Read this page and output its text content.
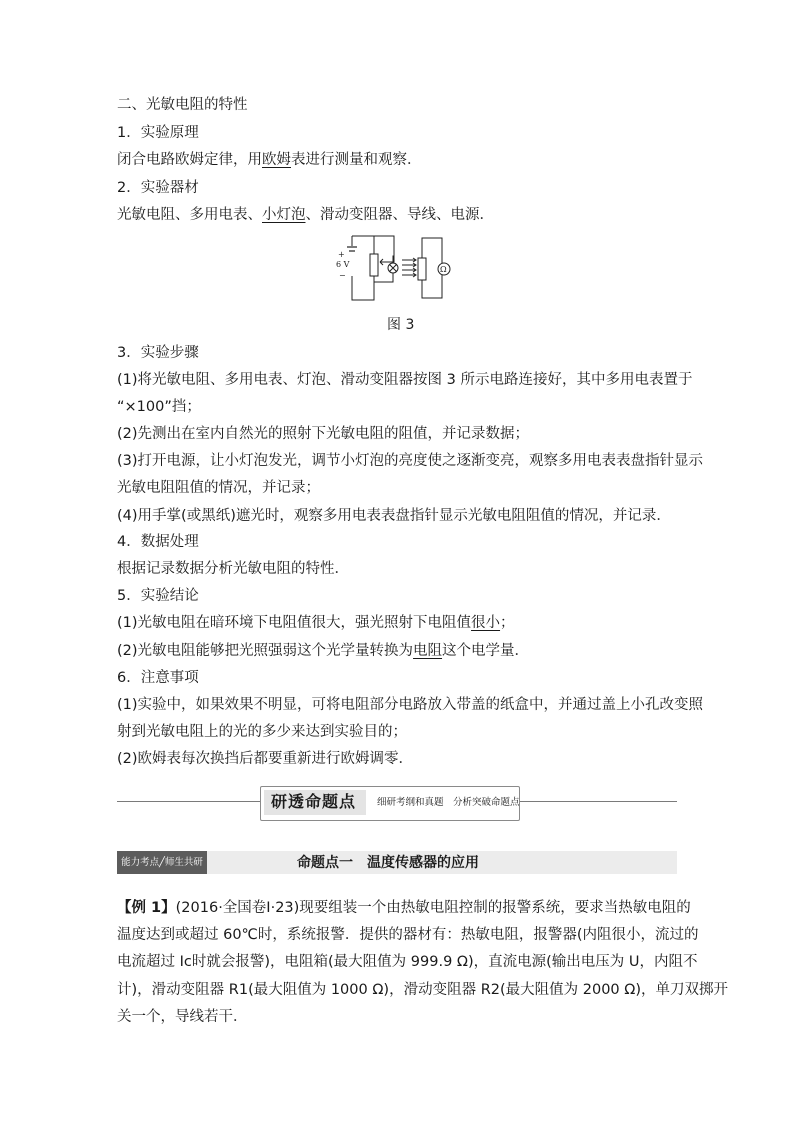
二、光敏电阻的特性
1．实验原理
闭合电路欧姆定律，用欧姆表进行测量和观察．
2．实验器材
光敏电阻、多用电表、小灯泡、滑动变阻器、导线、电源．
+
6 V
−
Ω
图 3
3．实验步骤
(1)将光敏电阻、多用电表、灯泡、滑动变阻器按图 3 所示电路连接好，其中多用电表置于
“×100”挡；
(2)先测出在室内自然光的照射下光敏电阻的阻值，并记录数据；
(3)打开电源，让小灯泡发光，调节小灯泡的亮度使之逐渐变亮，观察多用电表表盘指针显示
光敏电阻阻值的情况，并记录；
(4)用手掌(或黑纸)遮光时，观察多用电表表盘指针显示光敏电阻阻值的情况，并记录．
4．数据处理
根据记录数据分析光敏电阻的特性．
5．实验结论
(1)光敏电阻在暗环境下电阻值很大，强光照射下电阻值很小；
(2)光敏电阻能够把光照强弱这个光学量转换为电阻这个电学量．
6．注意事项
(1)实验中，如果效果不明显，可将电阻部分电路放入带盖的纸盒中，并通过盖上小孔改变照
射到光敏电阻上的光的多少来达到实验目的；
(2)欧姆表每次换挡后都要重新进行欧姆调零．
研透命题点 细研考纲和真题　分析突破命题点
能力考点╱师生共研	命题点一　温度传感器的应用
【例 1】(2016·全国卷Ⅰ·23)现要组装一个由热敏电阻控制的报警系统，要求当热敏电阻的
温度达到或超过 60℃时，系统报警．提供的器材有：热敏电阻，报警器(内阻很小，流过的
电流超过 Ic时就会报警)，电阻箱(最大阻值为 999.9 Ω)，直流电源(输出电压为 U，内阻不
计)，滑动变阻器 R1(最大阻值为 1000 Ω)，滑动变阻器 R2(最大阻值为 2000 Ω)，单刀双掷开
关一个，导线若干．
